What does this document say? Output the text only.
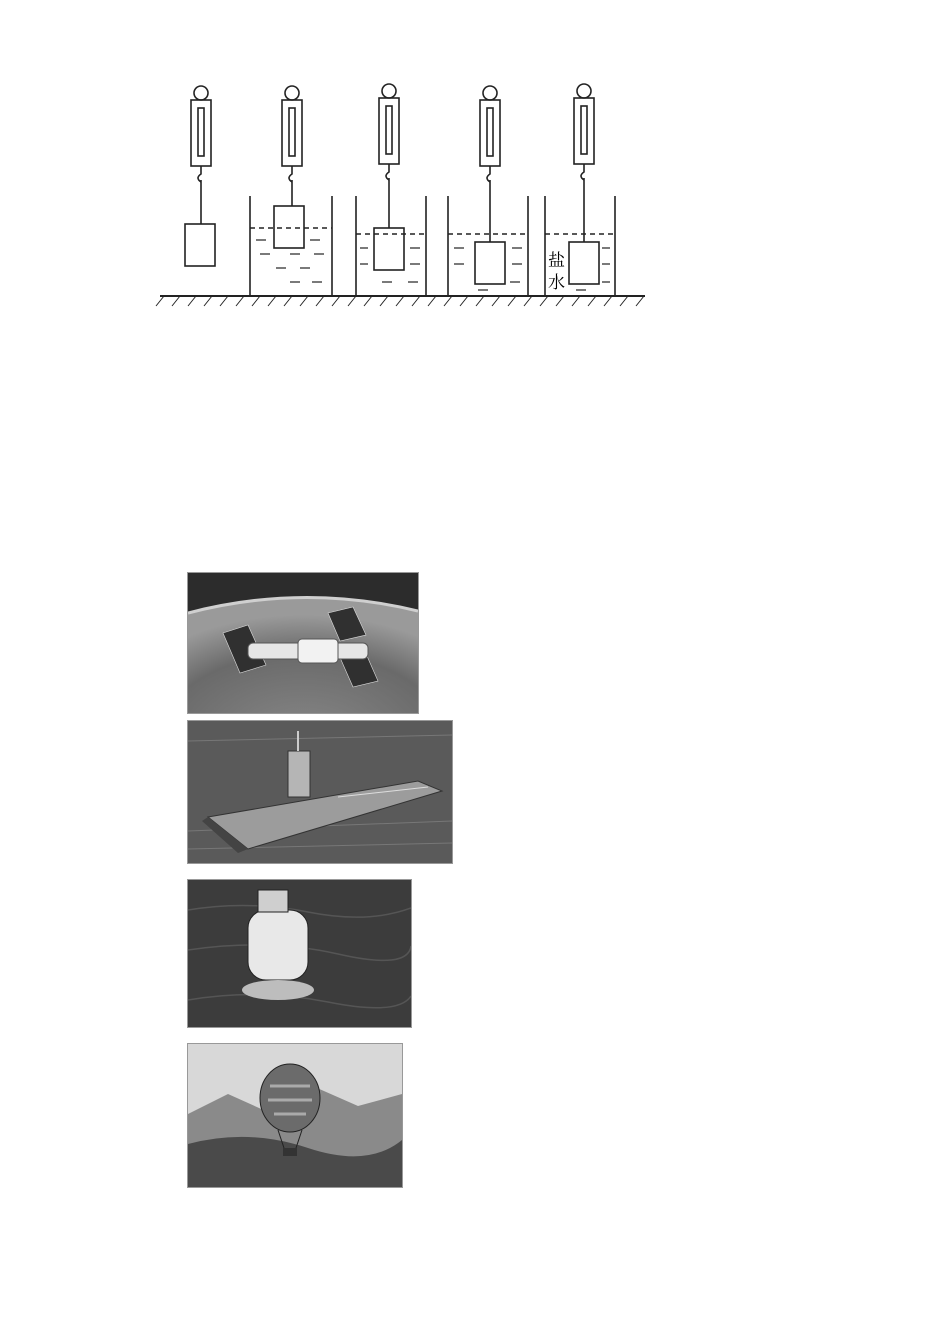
盐
水
